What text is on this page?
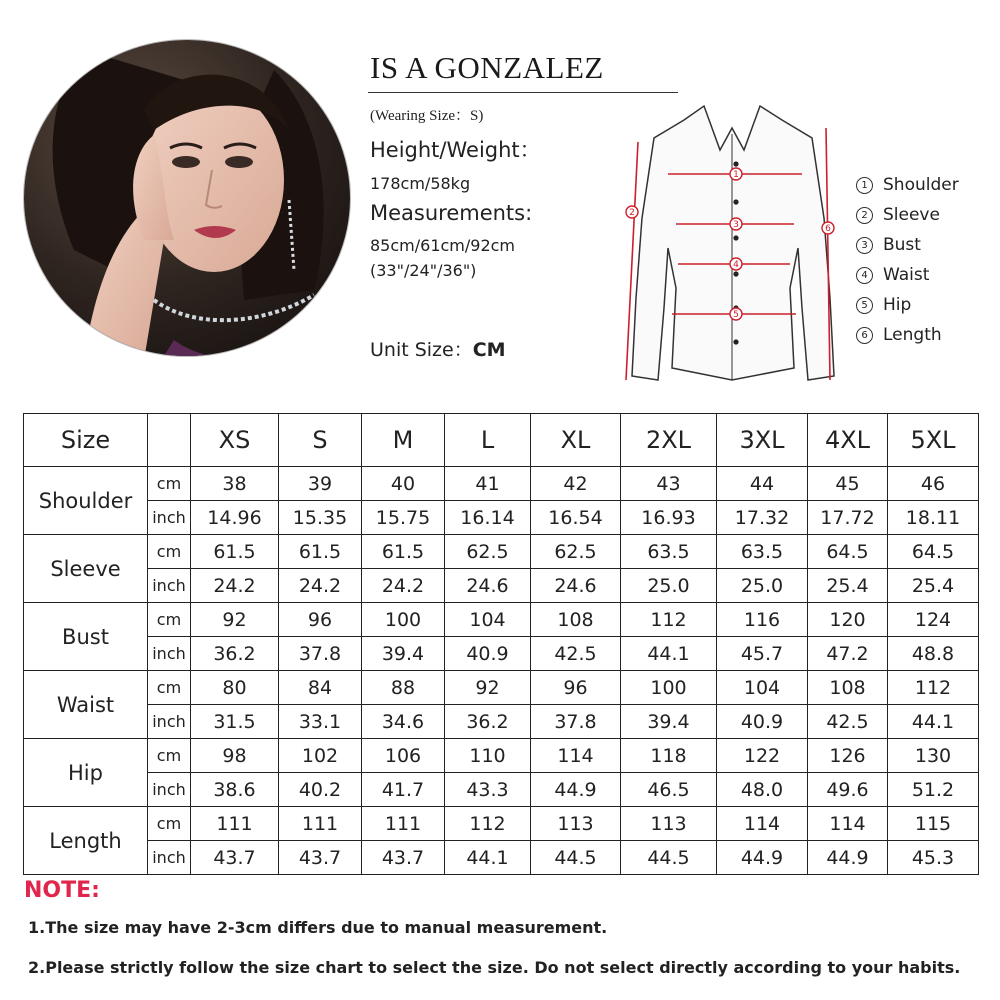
IS A GONZALEZ
(Wearing Size：S)
Height/Weight：
178cm/58kg
Measurements:
85cm/61cm/92cm
(33"/24"/36")
Unit Size：CM
1
2
3
4
5
6
1 Shoulder
2 Sleeve
3 Bust
4 Waist
5 Hip
6 Length
Size		XS	S	M	L	XL	2XL	3XL	4XL	5XL
Shoulder	cm	38	39	40	41	42	43	44	45	46
	inch	14.96	15.35	15.75	16.14	16.54	16.93	17.32	17.72	18.11
Sleeve	cm	61.5	61.5	61.5	62.5	62.5	63.5	63.5	64.5	64.5
	inch	24.2	24.2	24.2	24.6	24.6	25.0	25.0	25.4	25.4
Bust	cm	92	96	100	104	108	112	116	120	124
	inch	36.2	37.8	39.4	40.9	42.5	44.1	45.7	47.2	48.8
Waist	cm	80	84	88	92	96	100	104	108	112
	inch	31.5	33.1	34.6	36.2	37.8	39.4	40.9	42.5	44.1
Hip	cm	98	102	106	110	114	118	122	126	130
	inch	38.6	40.2	41.7	43.3	44.9	46.5	48.0	49.6	51.2
Length	cm	111	111	111	112	113	113	114	114	115
	inch	43.7	43.7	43.7	44.1	44.5	44.5	44.9	44.9	45.3
NOTE:
1.The size may have 2-3cm differs due to manual measurement.
2.Please strictly follow the size chart to select the size. Do not select directly according to your habits.
